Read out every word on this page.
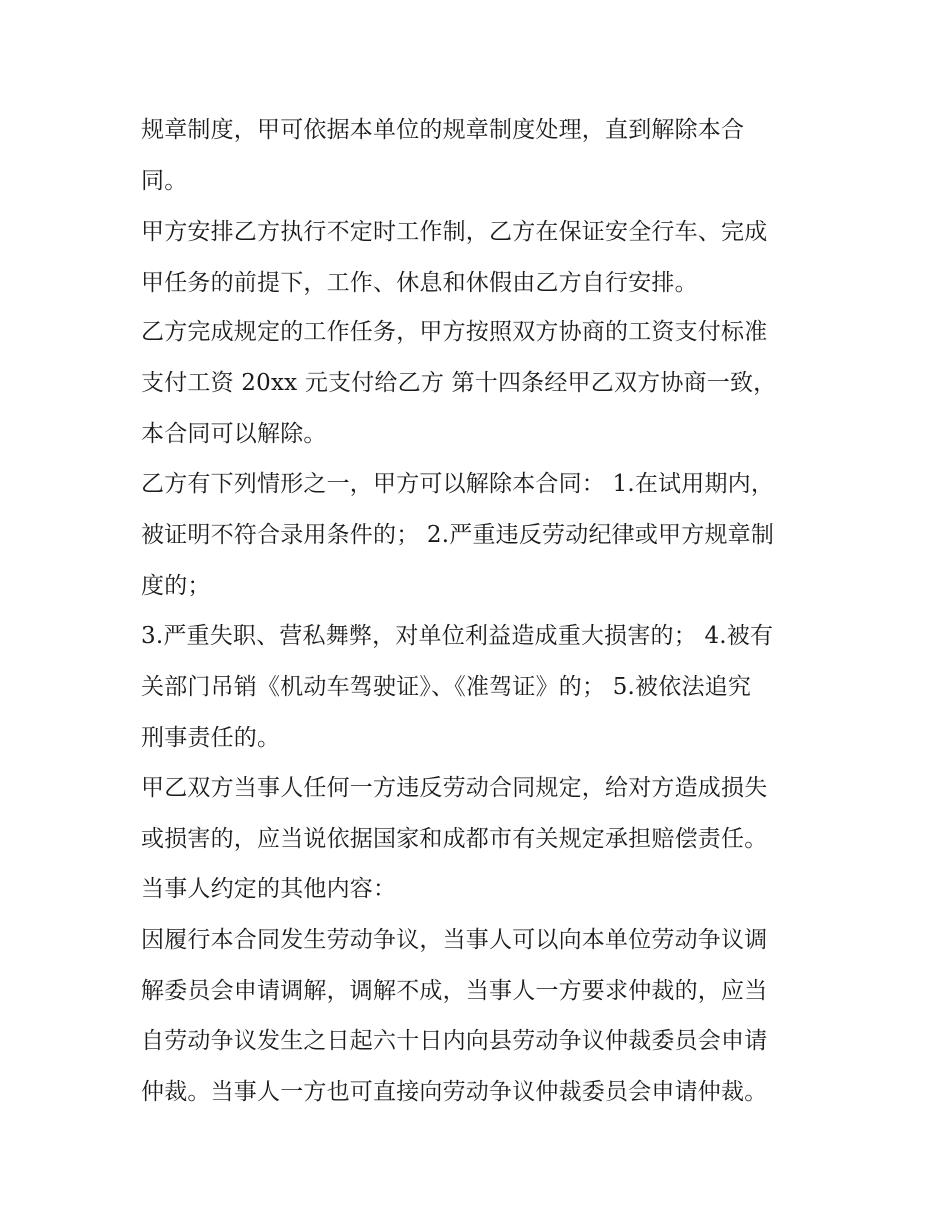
规章制度，甲可依据本单位的规章制度处理，直到解除本合
同。
甲方安排乙方执行不定时工作制，乙方在保证安全行车、完成
甲任务的前提下，工作、休息和休假由乙方自行安排。
乙方完成规定的工作任务，甲方按照双方协商的工资支付标准
支付工资 20xx 元支付给乙方 第十四条经甲乙双方协商一致，
本合同可以解除。
乙方有下列情形之一，甲方可以解除本合同： 1.在试用期内，
被证明不符合录用条件的； 2.严重违反劳动纪律或甲方规章制
度的；
3.严重失职、营私舞弊，对单位利益造成重大损害的； 4.被有
关部门吊销《机动车驾驶证》、《准驾证》的； 5.被依法追究
刑事责任的。
甲乙双方当事人任何一方违反劳动合同规定，给对方造成损失
或损害的，应当说依据国家和成都市有关规定承担赔偿责任。
当事人约定的其他内容：
因履行本合同发生劳动争议，当事人可以向本单位劳动争议调
解委员会申请调解，调解不成，当事人一方要求仲裁的，应当
自劳动争议发生之日起六十日内向县劳动争议仲裁委员会申请
仲裁。当事人一方也可直接向劳动争议仲裁委员会申请仲裁。
